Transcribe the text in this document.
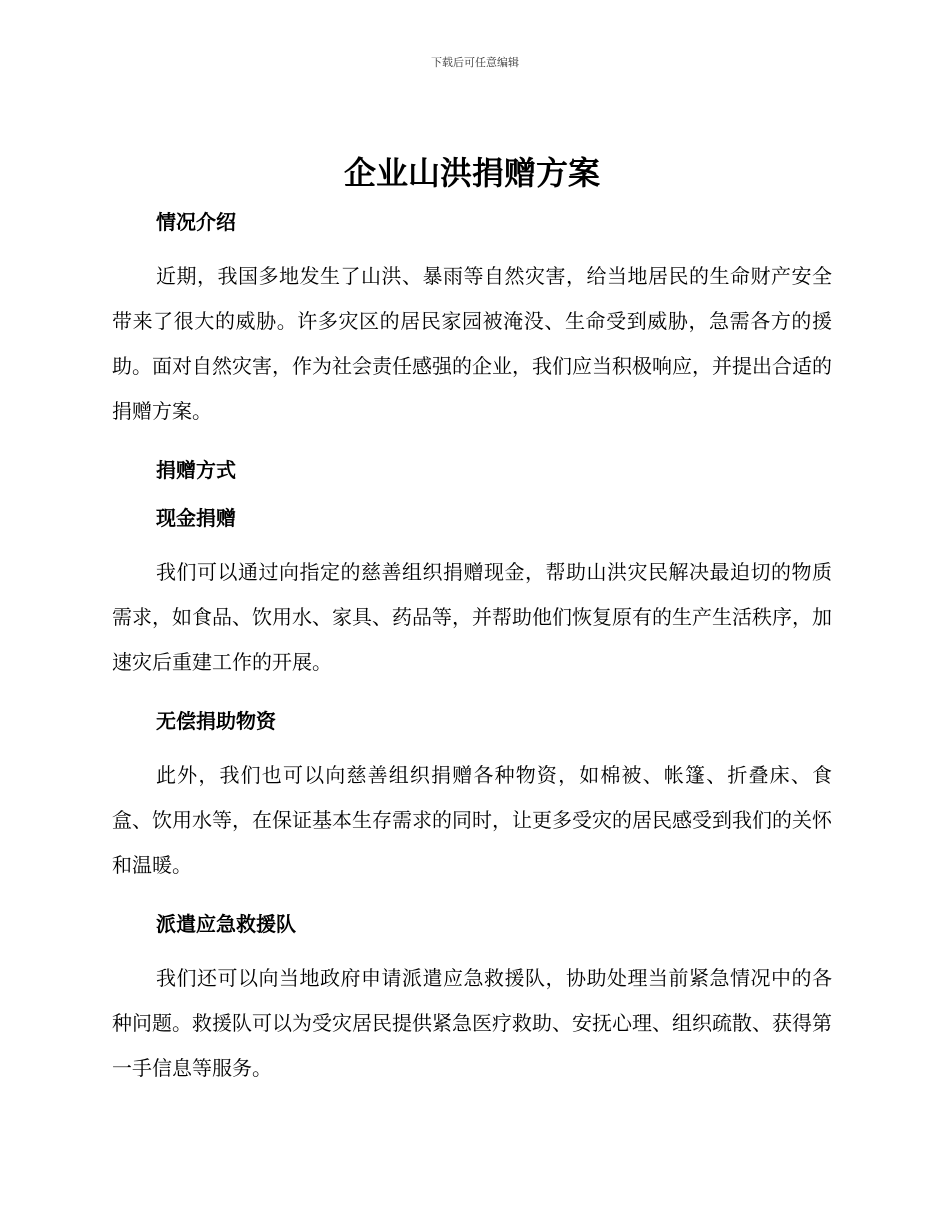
下载后可任意编辑
企业山洪捐赠方案
情况介绍

近期，我国多地发生了山洪、暴雨等自然灾害，给当地居民的生命财产安全带来了很大的威胁。许多灾区的居民家园被淹没、生命受到威胁，急需各方的援助。面对自然灾害，作为社会责任感强的企业，我们应当积极响应，并提出合适的捐赠方案。

捐赠方式
现金捐赠

我们可以通过向指定的慈善组织捐赠现金，帮助山洪灾民解决最迫切的物质需求，如食品、饮用水、家具、药品等，并帮助他们恢复原有的生产生活秩序，加速灾后重建工作的开展。

无偿捐助物资

此外，我们也可以向慈善组织捐赠各种物资，如棉被、帐篷、折叠床、食盒、饮用水等，在保证基本生存需求的同时，让更多受灾的居民感受到我们的关怀和温暖。

派遣应急救援队

我们还可以向当地政府申请派遣应急救援队，协助处理当前紧急情况中的各种问题。救援队可以为受灾居民提供紧急医疗救助、安抚心理、组织疏散、获得第一手信息等服务。
